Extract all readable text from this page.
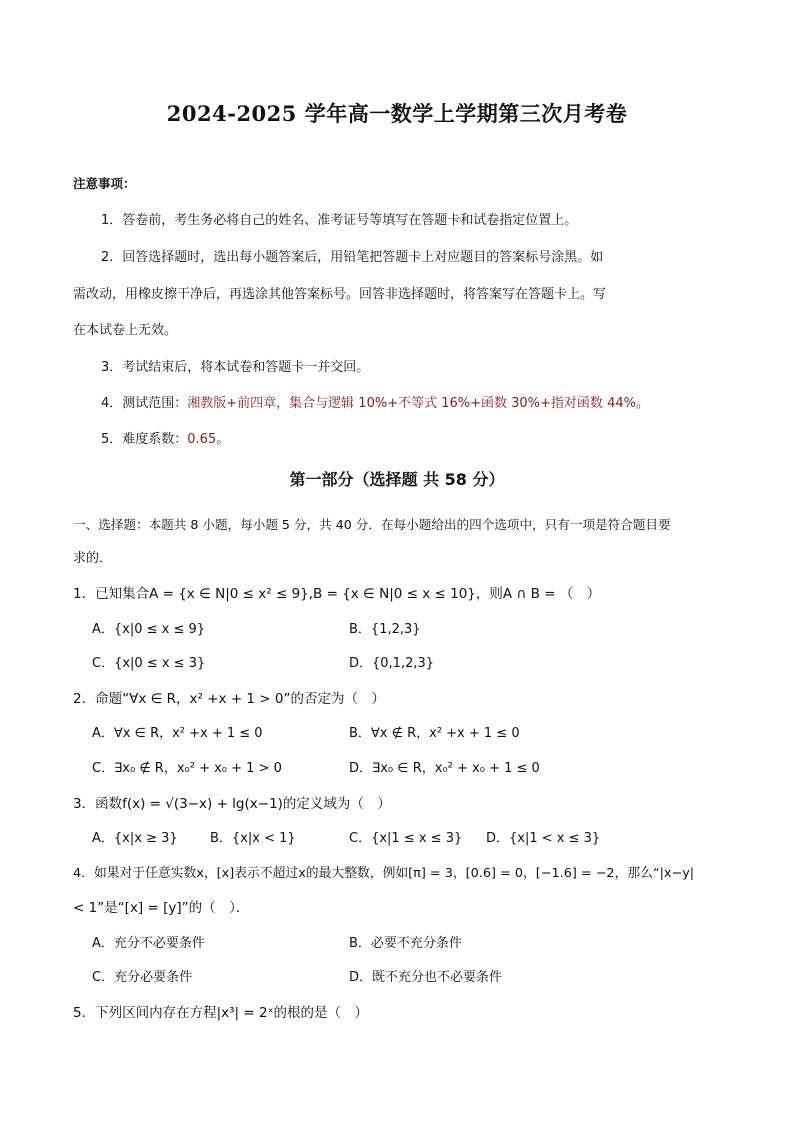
2024-2025 学年高一数学上学期第三次月考卷
注意事项：
1．答卷前，考生务必将自己的姓名、准考证号等填写在答题卡和试卷指定位置上。
2．回答选择题时，选出每小题答案后，用铅笔把答题卡上对应题目的答案标号涂黑。如
需改动，用橡皮擦干净后，再选涂其他答案标号。回答非选择题时，将答案写在答题卡上。写
在本试卷上无效。
3．考试结束后，将本试卷和答题卡一并交回。
4．测试范围：湘教版+前四章，集合与逻辑 10%+不等式 16%+函数 30%+指对函数 44%。
5．难度系数：0.65。
第一部分（选择题 共 58 分）
一、选择题：本题共 8 小题，每小题 5 分，共 40 分．在每小题给出的四个选项中，只有一项是符合题目要
求的．
1．已知集合A = {x ∈ N|0 ≤ x² ≤ 9},B = {x ∈ N|0 ≤ x ≤ 10}，则A ∩ B = （　）
A．{x|0 ≤ x ≤ 9}	B．{1,2,3}
C．{x|0 ≤ x ≤ 3}	D．{0,1,2,3}
2．命题“∀x ∈ R，x² +x + 1 > 0”的否定为（　）
A．∀x ∈ R，x² +x + 1 ≤ 0	B．∀x ∉ R，x² +x + 1 ≤ 0
C．∃x₀ ∉ R，x₀² + x₀ + 1 > 0	D．∃x₀ ∈ R，x₀² + x₀ + 1 ≤ 0
3．函数f(x) = √(3−x) + lg(x−1)的定义域为（　）
A．{x|x ≥ 3} B．{x|x < 1}	C．{x|1 ≤ x ≤ 3} D．{x|1 < x ≤ 3}
4．如果对于任意实数x，[x]表示不超过x的最大整数，例如[π] = 3，[0.6] = 0，[−1.6] = −2，那么“|x−y|
< 1”是“[x] = [y]”的（　）．
A．充分不必要条件	B．必要不充分条件
C．充分必要条件	D．既不充分也不必要条件
5．下列区间内存在方程|x³| = 2ˣ的根的是（　）
